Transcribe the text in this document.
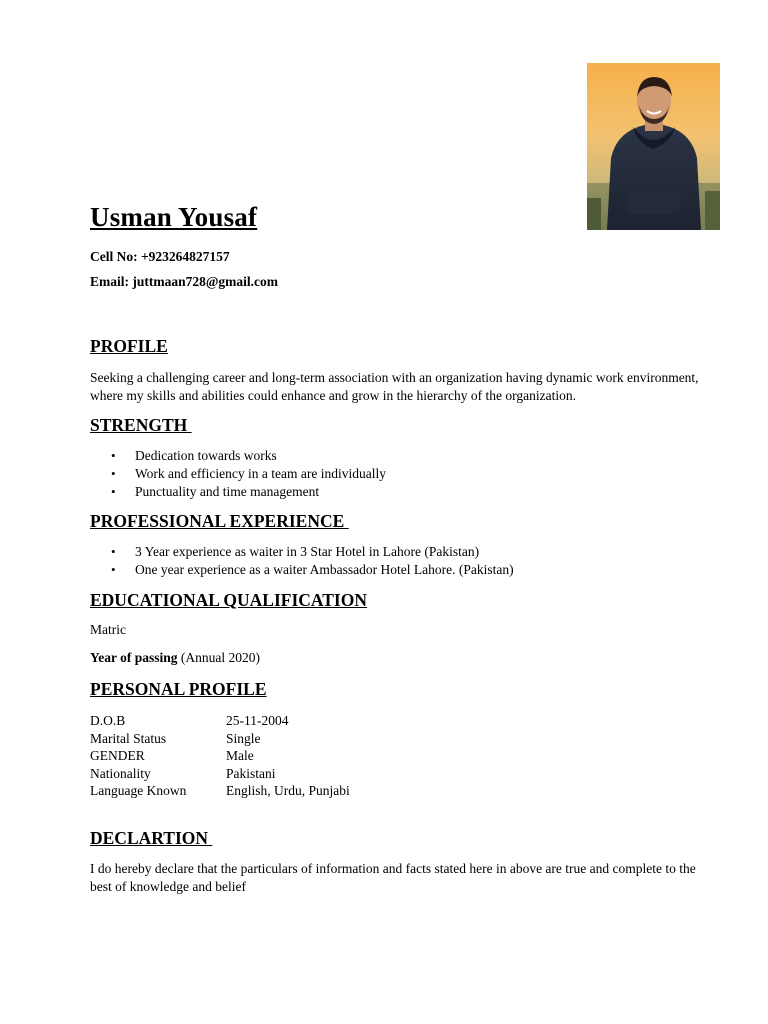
Usman Yousaf
Cell No: +923264827157
Email: juttmaan728@gmail.com
PROFILE
Seeking a challenging career and long-term association with an organization having dynamic work environment, where my skills and abilities could enhance and grow in the hierarchy of the organization.
STRENGTH
• Dedication towards works
• Work and efficiency in a team are individually
• Punctuality and time management
PROFESSIONAL EXPERIENCE
• 3 Year experience as waiter in 3 Star Hotel in Lahore (Pakistan)
• One year experience as a waiter Ambassador Hotel Lahore. (Pakistan)
EDUCATIONAL QUALIFICATION
Matric
Year of passing (Annual 2020)
PERSONAL PROFILE
D.O.B	25-11-2004
Marital Status	Single
GENDER	Male
Nationality	Pakistani
Language Known	English, Urdu, Punjabi
DECLARTION
I do hereby declare that the particulars of information and facts stated here in above are true and complete to the best of knowledge and belief
